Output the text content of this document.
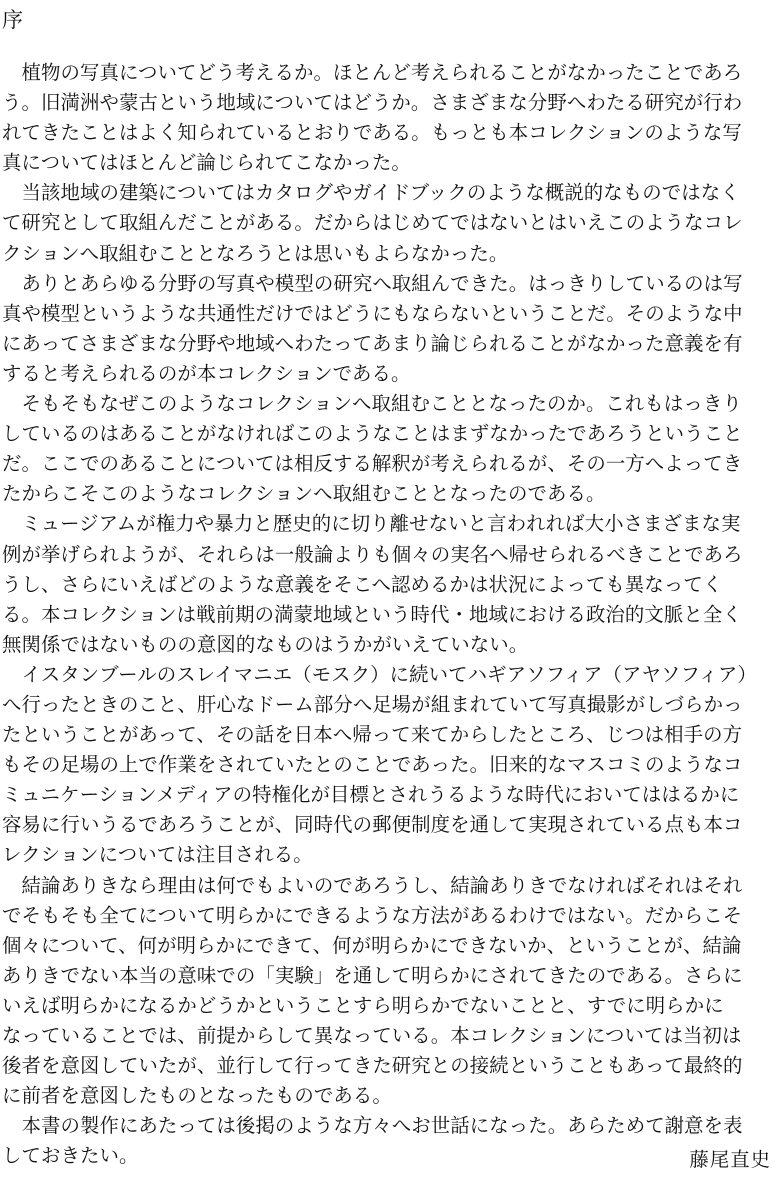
序
　植物の写真についてどう考えるか。ほとんど考えられることがなかったことであろ
う。旧満洲や蒙古という地域についてはどうか。さまざまな分野へわたる研究が行わ
れてきたことはよく知られているとおりである。もっとも本コレクションのような写
真についてはほとんど論じられてこなかった。
　当該地域の建築についてはカタログやガイドブックのような概説的なものではなく
て研究として取組んだことがある。だからはじめてではないとはいえこのようなコレ
クションへ取組むこととなろうとは思いもよらなかった。
　ありとあらゆる分野の写真や模型の研究へ取組んできた。はっきりしているのは写
真や模型というような共通性だけではどうにもならないということだ。そのような中
にあってさまざまな分野や地域へわたってあまり論じられることがなかった意義を有
すると考えられるのが本コレクションである。
　そもそもなぜこのようなコレクションへ取組むこととなったのか。これもはっきり
しているのはあることがなければこのようなことはまずなかったであろうということ
だ。ここでのあることについては相反する解釈が考えられるが、その一方へよってき
たからこそこのようなコレクションへ取組むこととなったのである。
　ミュージアムが権力や暴力と歴史的に切り離せないと言われれば大小さまざまな実
例が挙げられようが、それらは一般論よりも個々の実名へ帰せられるべきことであろ
うし、さらにいえばどのような意義をそこへ認めるかは状況によっても異なってく
る。本コレクションは戦前期の満蒙地域という時代・地域における政治的文脈と全く
無関係ではないものの意図的なものはうかがいえていない。
　イスタンブールのスレイマニエ（モスク）に続いてハギアソフィア（アヤソフィア）
へ行ったときのこと、肝心なドーム部分へ足場が組まれていて写真撮影がしづらかっ
たということがあって、その話を日本へ帰って来てからしたところ、じつは相手の方
もその足場の上で作業をされていたとのことであった。旧来的なマスコミのようなコ
ミュニケーションメディアの特権化が目標とされうるような時代においてははるかに
容易に行いうるであろうことが、同時代の郵便制度を通して実現されている点も本コ
レクションについては注目される。
　結論ありきなら理由は何でもよいのであろうし、結論ありきでなければそれはそれ
でそもそも全てについて明らかにできるような方法があるわけではない。だからこそ
個々について、何が明らかにできて、何が明らかにできないか、ということが、結論
ありきでない本当の意味での「実験」を通して明らかにされてきたのである。さらに
いえば明らかになるかどうかということすら明らかでないことと、すでに明らかに
なっていることでは、前提からして異なっている。本コレクションについては当初は
後者を意図していたが、並行して行ってきた研究との接続ということもあって最終的
に前者を意図したものとなったものである。
　本書の製作にあたっては後掲のような方々へお世話になった。あらためて謝意を表
しておきたい。	藤尾直史
